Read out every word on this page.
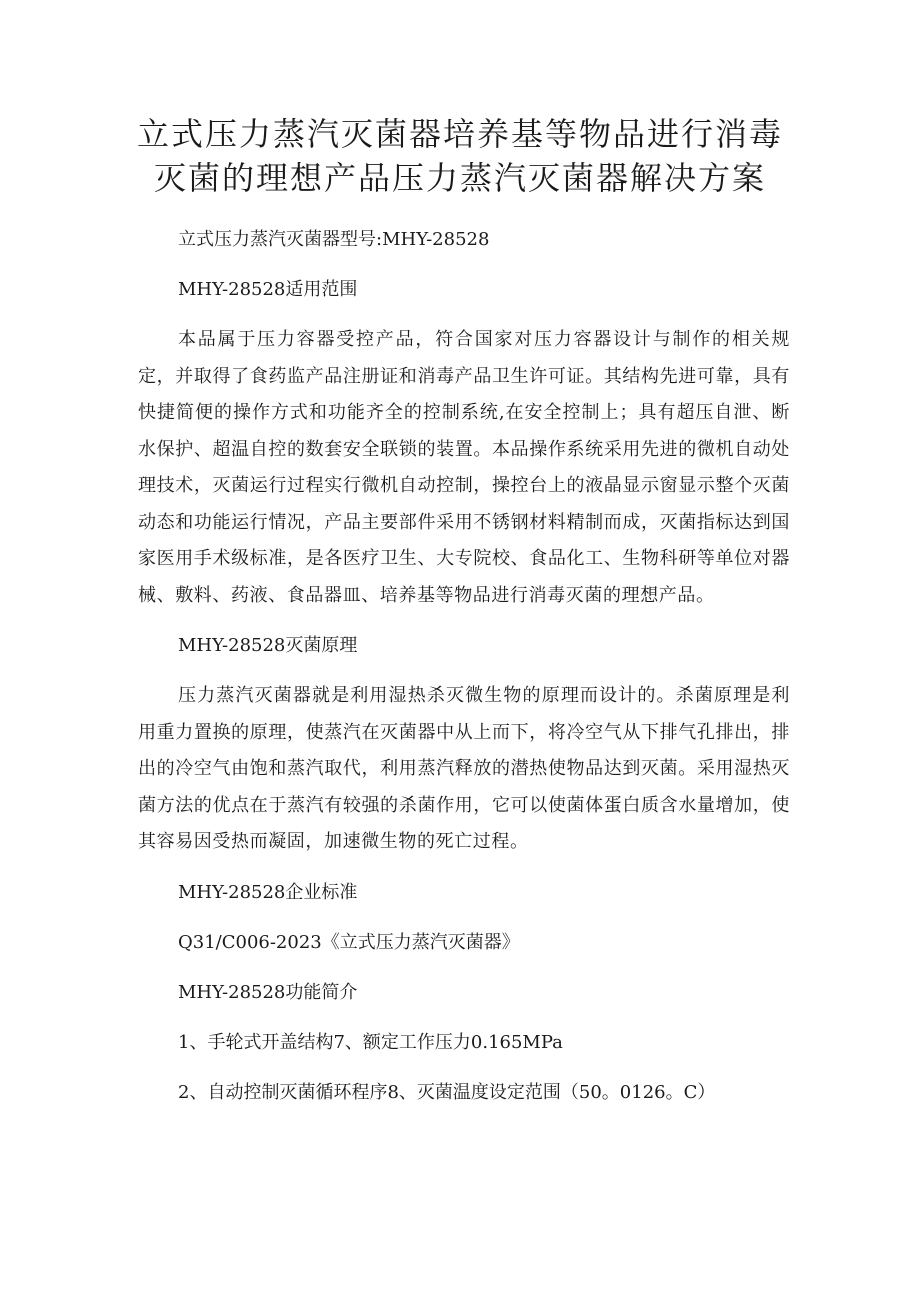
立式压力蒸汽灭菌器培养基等物品进行消毒
灭菌的理想产品压力蒸汽灭菌器解决方案

立式压力蒸汽灭菌器型号:MHY-28528

MHY-28528适用范围

本品属于压力容器受控产品，符合国家对压力容器设计与制作的相关规定，并取得了食药监产品注册证和消毒产品卫生许可证。其结构先进可靠，具有快捷简便的操作方式和功能齐全的控制系统,在安全控制上；具有超压自泄、断水保护、超温自控的数套安全联锁的装置。本品操作系统采用先进的微机自动处理技术，灭菌运行过程实行微机自动控制，操控台上的液晶显示窗显示整个灭菌动态和功能运行情况，产品主要部件采用不锈钢材料精制而成，灭菌指标达到国家医用手术级标准，是各医疗卫生、大专院校、食品化工、生物科研等单位对器械、敷料、药液、食品器皿、培养基等物品进行消毒灭菌的理想产品。

MHY-28528灭菌原理

压力蒸汽灭菌器就是利用湿热杀灭微生物的原理而设计的。杀菌原理是利用重力置换的原理，使蒸汽在灭菌器中从上而下，将冷空气从下排气孔排出，排出的冷空气由饱和蒸汽取代，利用蒸汽释放的潜热使物品达到灭菌。采用湿热灭菌方法的优点在于蒸汽有较强的杀菌作用，它可以使菌体蛋白质含水量增加，使其容易因受热而凝固，加速微生物的死亡过程。

MHY-28528企业标准

Q31/C006-2023《立式压力蒸汽灭菌器》

MHY-28528功能简介

1、手轮式开盖结构7、额定工作压力0.165MPa

2、自动控制灭菌循环程序8、灭菌温度设定范围（50。0126。C）
